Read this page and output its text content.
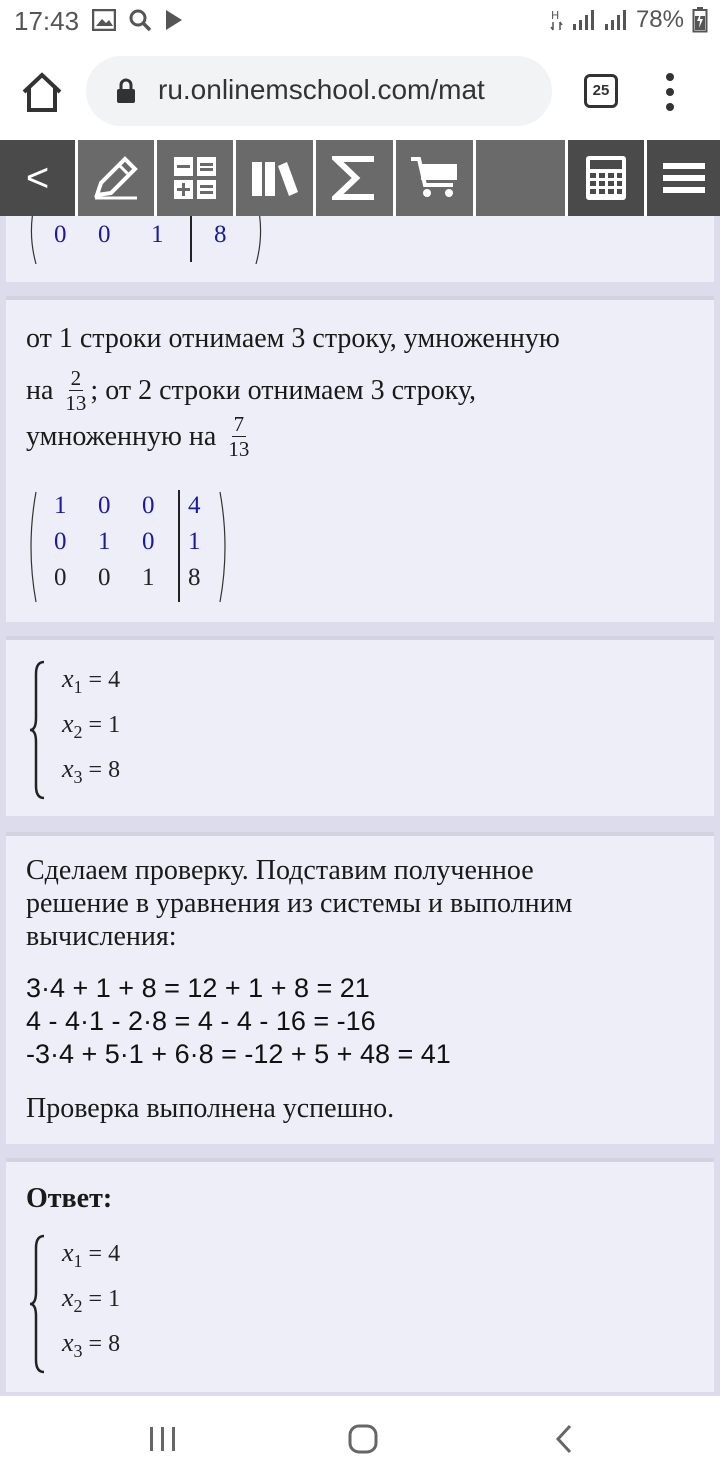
17:43	H	78%
ru.onlinemschool.com/mat	25
<
0 0 1 8
от 1 строки отнимаем 3 строку, умноженную
на $\frac{2}{13}$ ; от 2 строки отнимаем 3 строку,
умноженную на $\frac{7}{13}$
1 0 0 4
0 1 0 1
0 0 1 8
$x_1 = 4$
$x_2 = 1$
$x_3 = 8$
Сделаем проверку. Подставим полученное
решение в уравнения из системы и выполним
вычисления:
3·4 + 1 + 8 = 12 + 1 + 8 = 21
4 - 4·1 - 2·8 = 4 - 4 - 16 = -16
-3·4 + 5·1 + 6·8 = -12 + 5 + 48 = 41
Проверка выполнена успешно.
Ответ:
$x_1 = 4$
$x_2 = 1$
$x_3 = 8$
